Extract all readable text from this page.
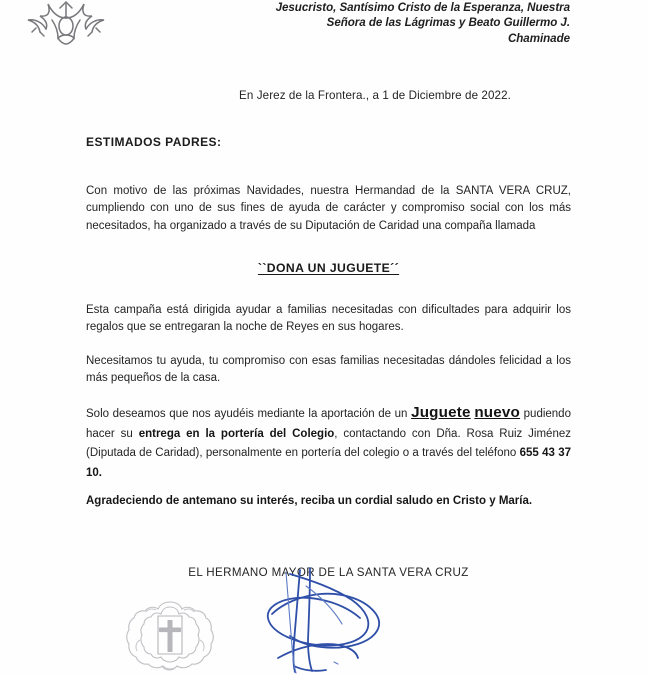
Jesucristo, Santísimo Cristo de la Esperanza, Nuestra
Señora de las Lágrimas y Beato Guillermo J.
Chaminade
En Jerez de la Frontera., a 1 de Diciembre de 2022.
ESTIMADOS PADRES:
Con motivo de las próximas Navidades, nuestra Hermandad de la SANTA VERA CRUZ, cumpliendo con uno de sus fines de ayuda de carácter y compromiso social con los más necesitados, ha organizado a través de su Diputación de Caridad una compaña llamada
``DONA UN JUGUETE´´
Esta campaña está dirigida ayudar a familias necesitadas con dificultades para adquirir los regalos que se entregaran la noche de Reyes en sus hogares.
Necesitamos tu ayuda, tu compromiso con esas familias necesitadas dándoles felicidad a los más pequeños de la casa.
Solo deseamos que nos ayudéis mediante la aportación de un Juguete nuevo pudiendo hacer su entrega en la portería del Colegio, contactando con Dña. Rosa Ruiz Jiménez (Diputada de Caridad), personalmente en portería del colegio o a través del teléfono 655 43 37 10.
Agradeciendo de antemano su interés, reciba un cordial saludo en Cristo y María.
EL HERMANO MAYOR DE LA SANTA VERA CRUZ
